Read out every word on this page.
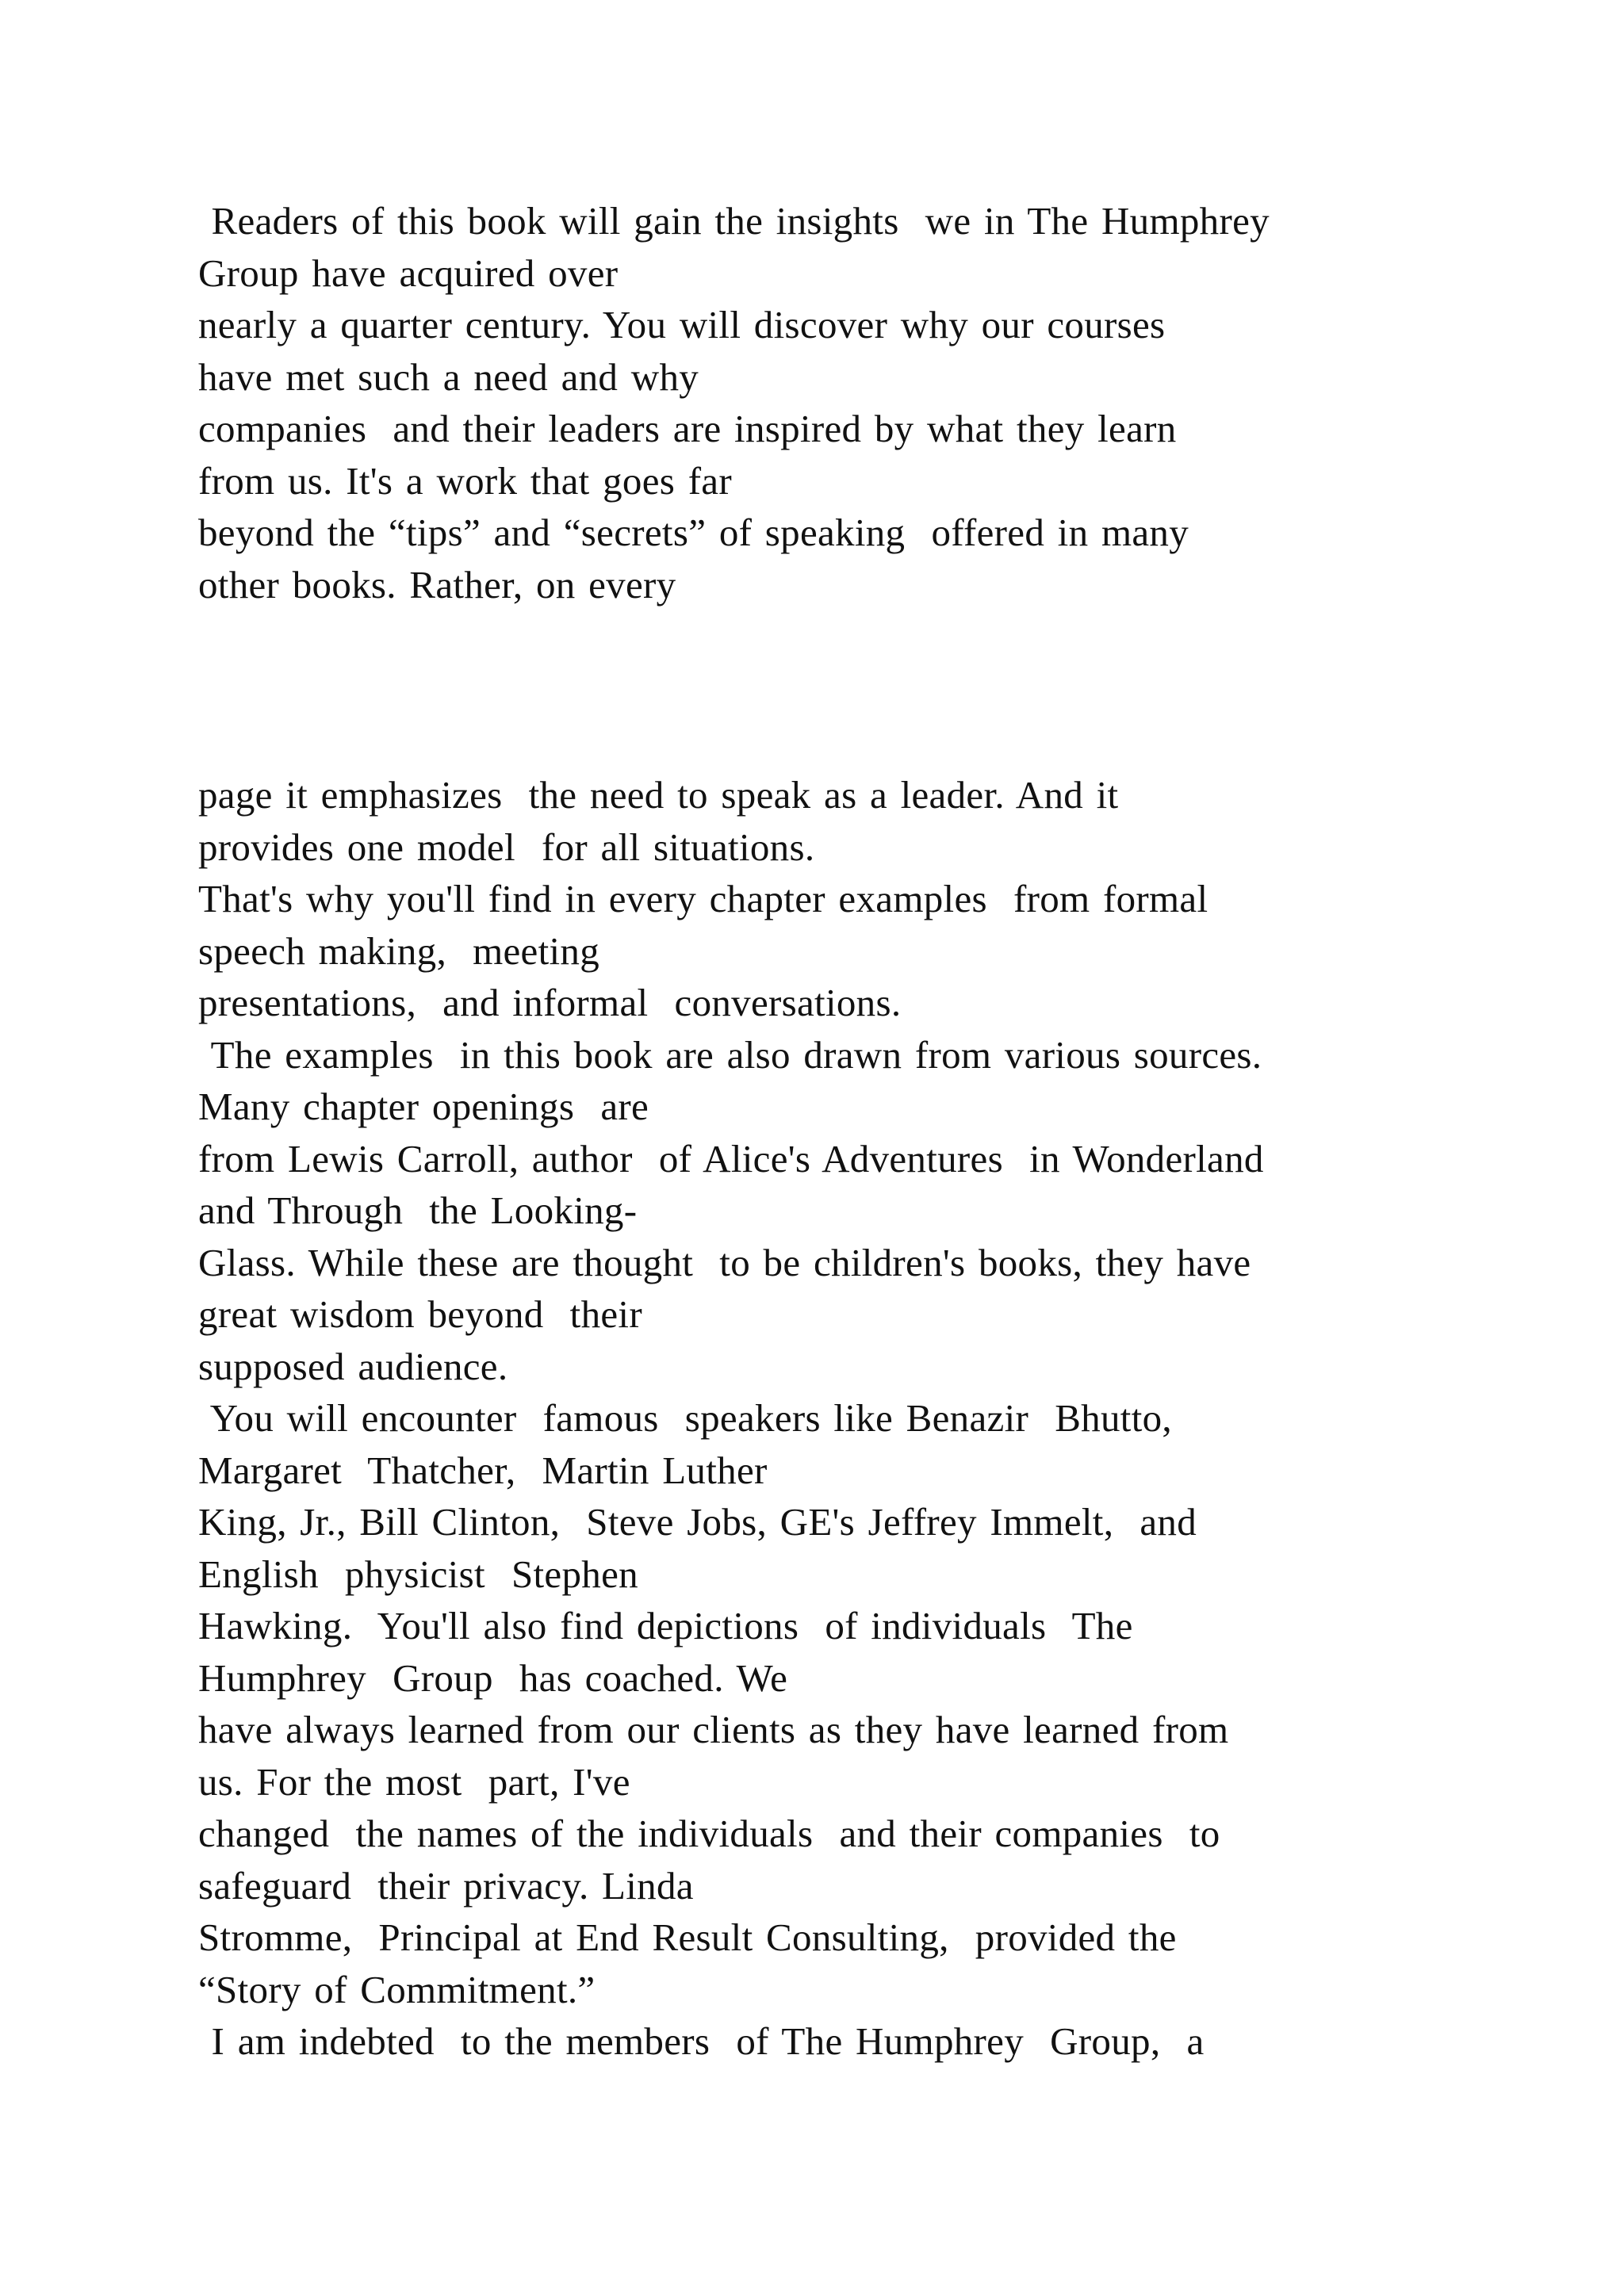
Readers of this book will gain the insights  we in The Humphrey
Group have acquired over
nearly a quarter century. You will discover why our courses
have met such a need and why
companies  and their leaders are inspired by what they learn
from us. It's a work that goes far
beyond the “tips” and “secrets” of speaking  offered in many
other books. Rather, on every
page it emphasizes  the need to speak as a leader. And it
provides one model  for all situations.
That's why you'll find in every chapter examples  from formal
speech making,  meeting
presentations,  and informal  conversations.
The examples  in this book are also drawn from various sources.
Many chapter openings  are
from Lewis Carroll, author  of Alice's Adventures  in Wonderland
and Through  the Looking-
Glass. While these are thought  to be children's books, they have
great wisdom beyond  their
supposed audience.
You will encounter  famous  speakers like Benazir  Bhutto,
Margaret  Thatcher,  Martin Luther
King, Jr., Bill Clinton,  Steve Jobs, GE's Jeffrey Immelt,  and
English  physicist  Stephen
Hawking.  You'll also find depictions  of individuals  The
Humphrey  Group  has coached. We
have always learned from our clients as they have learned from
us. For the most  part, I've
changed  the names of the individuals  and their companies  to
safeguard  their privacy. Linda
Stromme,  Principal at End Result Consulting,  provided the
“Story of Commitment.”
I am indebted  to the members  of The Humphrey  Group,  a
